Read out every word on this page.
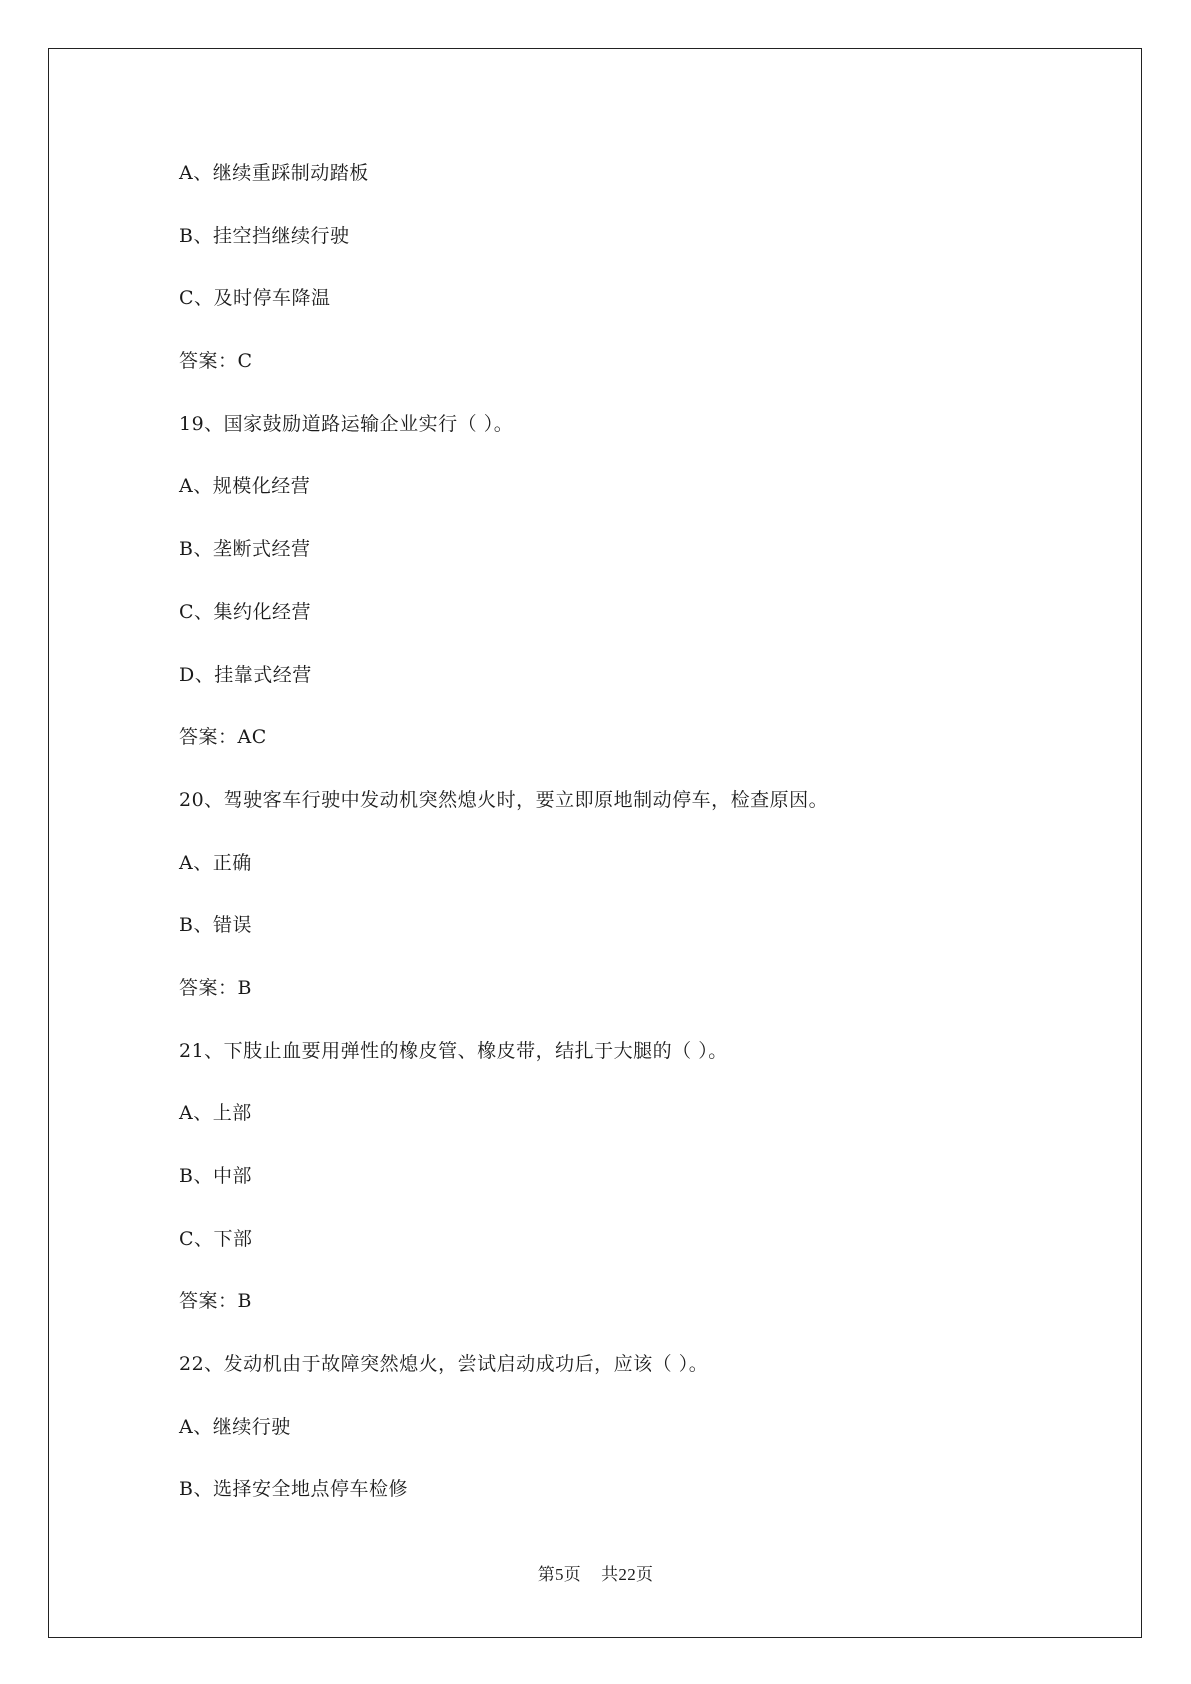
A、继续重踩制动踏板
B、挂空挡继续行驶
C、及时停车降温
答案：C
19、国家鼓励道路运输企业实行（ ）。
A、规模化经营
B、垄断式经营
C、集约化经营
D、挂靠式经营
答案：AC
20、驾驶客车行驶中发动机突然熄火时，要立即原地制动停车，检查原因。
A、正确
B、错误
答案：B
21、下肢止血要用弹性的橡皮管、橡皮带，结扎于大腿的（ ）。
A、上部
B、中部
C、下部
答案：B
22、发动机由于故障突然熄火，尝试启动成功后，应该（ ）。
A、继续行驶
B、选择安全地点停车检修
第5页 共22页
